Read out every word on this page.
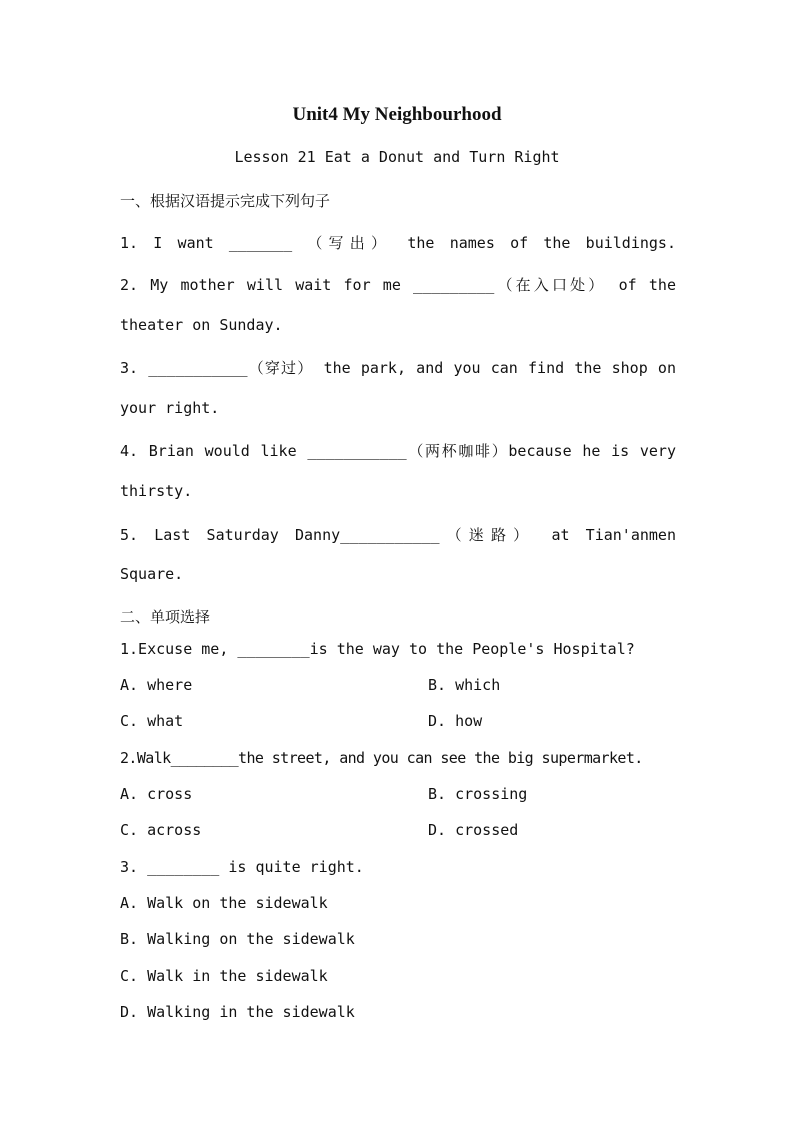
Unit4 My Neighbourhood
Lesson 21 Eat a Donut and Turn Right
一、根据汉语提示完成下列句子
1. I want _______ （写出） the names of the buildings.
2. My mother will wait for me _________（在入口处） of the
theater on Sunday.
3. ___________（穿过） the park, and you can find the shop on
your right.
4. Brian would like ___________（两杯咖啡）because he is very
thirsty.
5. Last Saturday Danny___________（迷路） at Tian'anmen
Square.
二、单项选择
1.Excuse me, ________is the way to the People's Hospital?
A. where	B. which
C. what	D. how
2.Walk________the street, and you can see the big supermarket.
A. cross	B. crossing
C. across	D. crossed
3. ________ is quite right.
A. Walk on the sidewalk
B. Walking on the sidewalk
C. Walk in the sidewalk
D. Walking in the sidewalk
